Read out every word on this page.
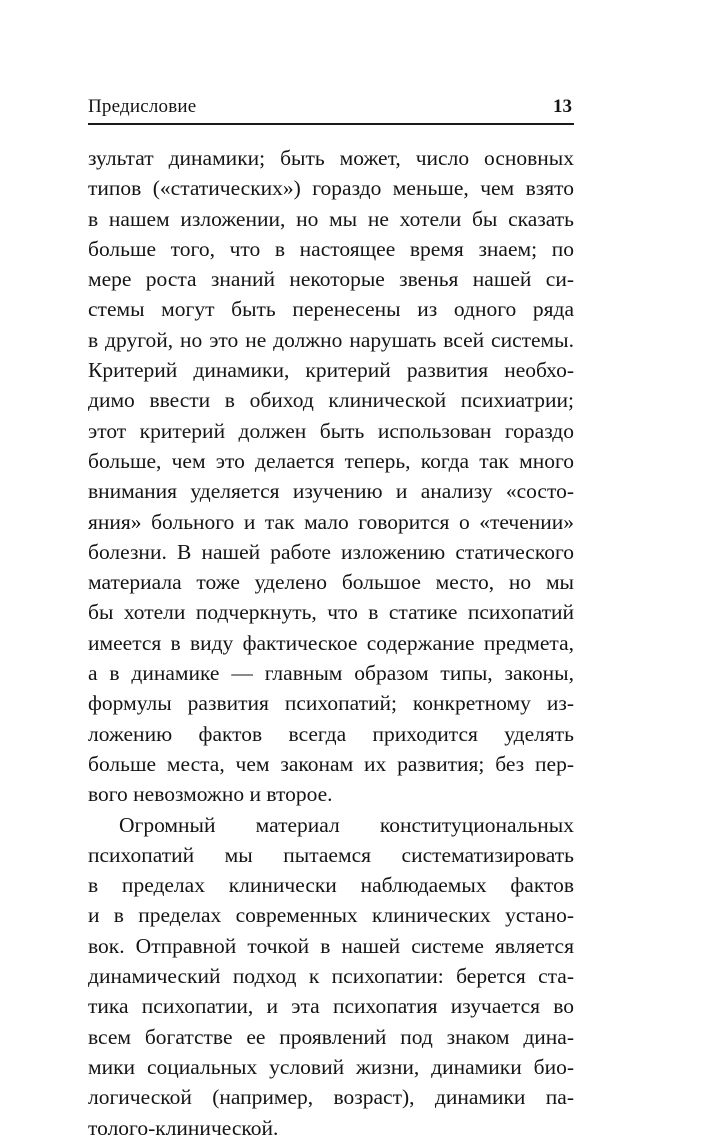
Предисловие	13
зультат динамики; быть может, число основных
типов («статических») гораздо меньше, чем взято
в нашем изложении, но мы не хотели бы сказать
больше того, что в настоящее время знаем; по
мере роста знаний некоторые звенья нашей си-
стемы могут быть перенесены из одного ряда
в другой, но это не должно нарушать всей системы.
Критерий динамики, критерий развития необхо-
димо ввести в обиход клинической психиатрии;
этот критерий должен быть использован гораздо
больше, чем это делается теперь, когда так много
внимания уделяется изучению и анализу «состо-
яния» больного и так мало говорится о «течении»
болезни. В нашей работе изложению статического
материала тоже уделено большое место, но мы
бы хотели подчеркнуть, что в статике психопатий
имеется в виду фактическое содержание предмета,
а в динамике — главным образом типы, законы,
формулы развития психопатий; конкретному из-
ложению фактов всегда приходится уделять
больше места, чем законам их развития; без пер-
вого невозможно и второе.
Огромный материал конституциональных
психопатий мы пытаемся систематизировать
в пределах клинически наблюдаемых фактов
и в пределах современных клинических устано-
вок. Отправной точкой в нашей системе является
динамический подход к психопатии: берется ста-
тика психопатии, и эта психопатия изучается во
всем богатстве ее проявлений под знаком дина-
мики социальных условий жизни, динамики био-
логической (например, возраст), динамики па-
толого-клинической.
